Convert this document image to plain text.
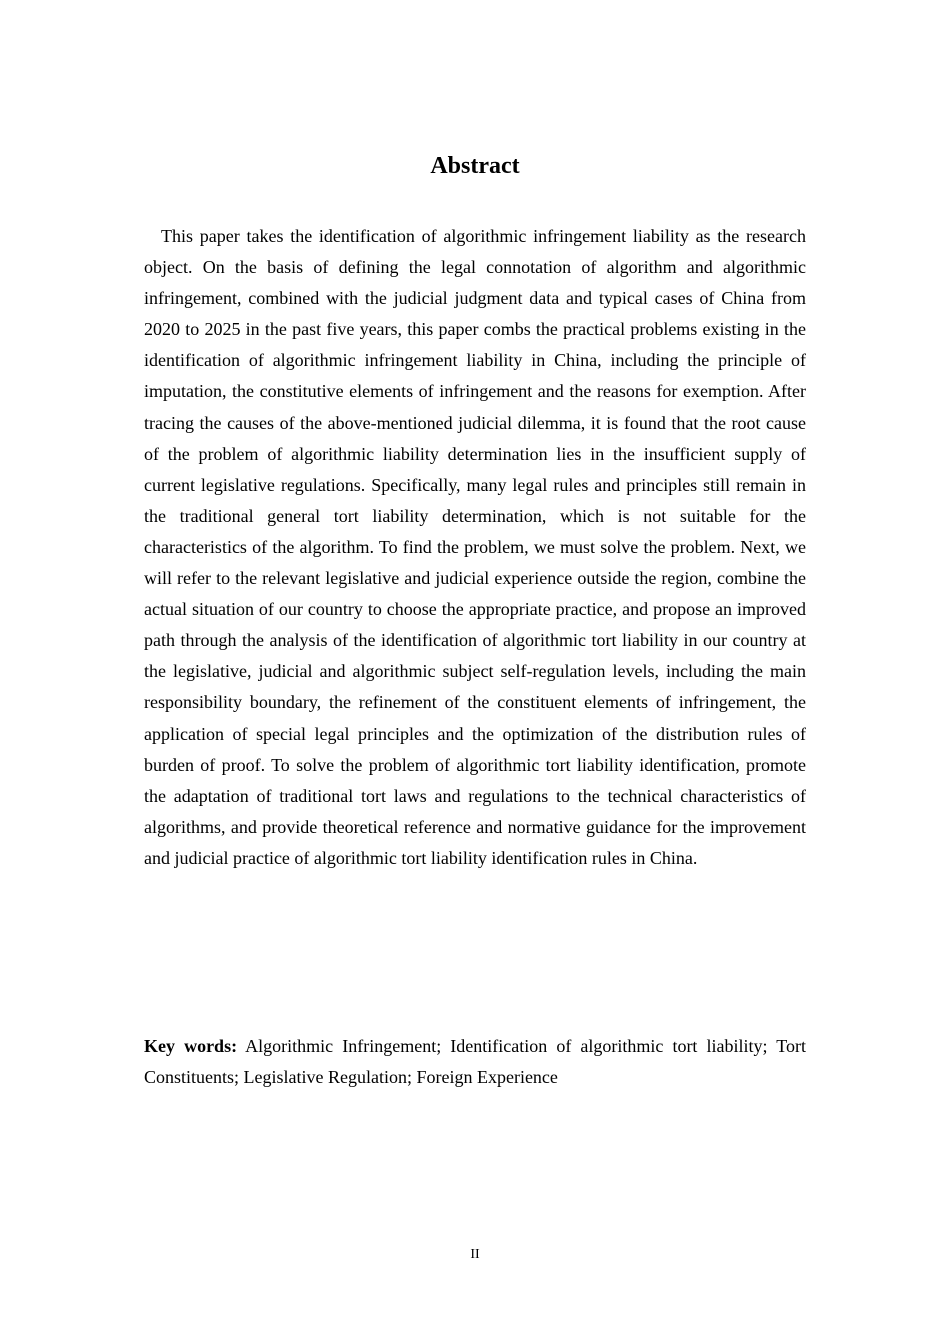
Abstract

This paper takes the identification of algorithmic infringement liability as the research object. On the basis of defining the legal connotation of algorithm and algorithmic infringement, combined with the judicial judgment data and typical cases of China from 2020 to 2025 in the past five years, this paper combs the practical problems existing in the identification of algorithmic infringement liability in China, including the principle of imputation, the constitutive elements of infringement and the reasons for exemption. After tracing the causes of the above-mentioned judicial dilemma, it is found that the root cause of the problem of algorithmic liability determination lies in the insufficient supply of current legislative regulations. Specifically, many legal rules and principles still remain in the traditional general tort liability determination, which is not suitable for the characteristics of the algorithm. To find the problem, we must solve the problem. Next, we will refer to the relevant legislative and judicial experience outside the region, combine the actual situation of our country to choose the appropriate practice, and propose an improved path through the analysis of the identification of algorithmic tort liability in our country at the legislative, judicial and algorithmic subject self-regulation levels, including the main responsibility boundary, the refinement of the constituent elements of infringement, the application of special legal principles and the optimization of the distribution rules of burden of proof. To solve the problem of algorithmic tort liability identification, promote the adaptation of traditional tort laws and regulations to the technical characteristics of algorithms, and provide theoretical reference and normative guidance for the improvement and judicial practice of algorithmic tort liability identification rules in China.

Key words: Algorithmic Infringement; Identification of algorithmic tort liability; Tort Constituents; Legislative Regulation; Foreign Experience

II
